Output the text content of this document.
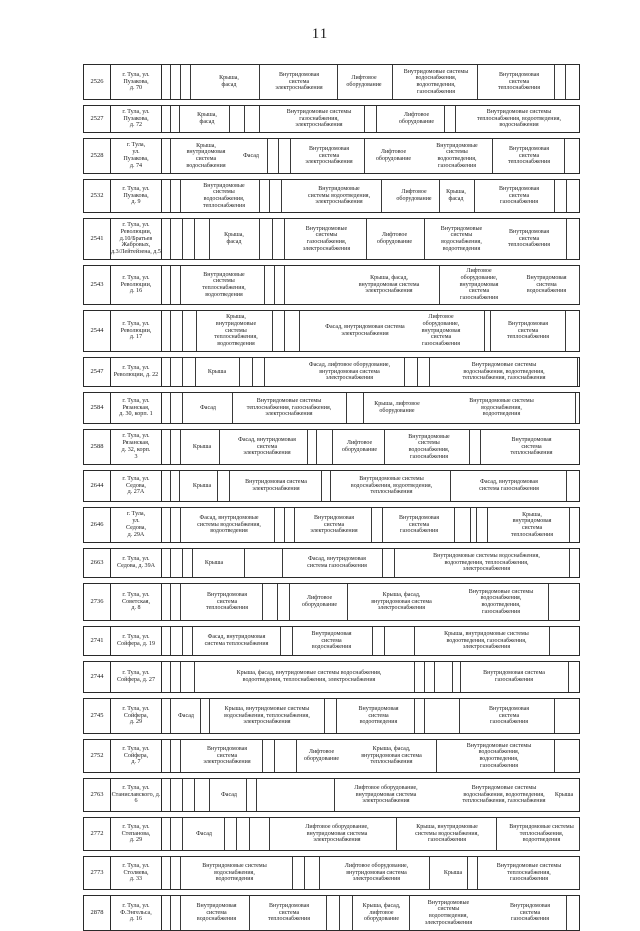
11
2526
г. Тула, ул.
Пузакова,
д. 70
Крыша,
фасад
Внутридомовая
система
электроснабжения
Лифтовое
оборудование
Внутридомовые системы
водоснабжения,
водоотведения,
газоснабжения
Внутридомовая
система
теплоснабжения
2527
г. Тула, ул.
Пузакова,
д. 72
Крыша,
фасад
Внутридомовые системы
газоснабжения,
электроснабжения
Лифтовое
оборудование
Внутридомовые системы
теплоснабжения, водоотведения,
водоснабжения
2528
г. Тула,
ул.
Пузакова,
д. 74
Крыша,
внутридомовая
система
водоснабжения
Фасад
Внутридомовая
система
электроснабжения
Лифтовое
оборудование
Внутридомовые
системы
водоотведения,
газоснабжения
Внутридомовая
система
теплоснабжения
2532
г. Тула, ул.
Пузакова,
д. 9
Внутридомовые
системы
водоснабжения,
теплоснабжения
Внутридомовые
системы водоотведения,
электроснабжения
Лифтовое
оборудование
Крыша,
фасад
Внутридомовая
система
газоснабжения
2541
г. Тула, ул.
Революции,
д.10/Братьев
Жабровых,
д.3/Лейтейзена, д.5
Крыша,
фасад
Внутридомовые
системы
газоснабжения,
электроснабжения
Лифтовое
оборудование
Внутридомовые
системы
водоснабжения,
водоотведения
Внутридомовая
система
теплоснабжения
2543
г. Тула, ул.
Революции,
д. 16
Внутридомовые
системы
теплоснабжения,
водоотведения
Крыша, фасад,
внутридомовая система
электроснабжения
Лифтовое
оборудование,
внутридомовая
система
газоснабжения
Внутридомовая
система
водоснабжения
2544
г. Тула, ул.
Революции,
д. 17
Крыша,
внутридомовые
системы
теплоснабжения,
водоотведения
Фасад, внутридомовая система
электроснабжения
Лифтовое
оборудование,
внутридомовая
система
газоснабжения
Внутридомовая
система
теплоснабжения
2547
г. Тула, ул.
Революции, д. 22
Крыша
Фасад, лифтовое оборудование,
внутридомовая система
электроснабжения
Внутридомовые системы
водоснабжения, водоотведения,
теплоснабжения, газоснабжения
2584
г. Тула, ул.
Рязанская,
д. 30, корп. 1
Фасад
Внутридомовые системы
теплоснабжения, газоснабжения,
электроснабжения
Крыша, лифтовое
оборудование
Внутридомовые системы
водоснабжения,
водоотведения
2588
г. Тула, ул.
Рязанская,
д. 32, корп.
3
Крыша
Фасад, внутридомовая
система
электроснабжения
Лифтовое
оборудование
Внутридомовые
системы
водоснабжения,
газоснабжения
Внутридомовая
система
теплоснабжения
2644
г. Тула, ул.
Седова,
д. 27А
Крыша
Внутридомовая система
электроснабжения
Внутридомовые системы
водоснабжения, водоотведения,
теплоснабжения
Фасад, внутридомовая
система газоснабжения
2646
г. Тула,
ул.
Седова,
д. 29А
Фасад, внутридомовые
системы водоснабжения,
водоотведения
Внутридомовая
система
электроснабжения
Внутридомовая
система
газоснабжения
Крыша,
внутридомовая
система
теплоснабжения
2663
г. Тула, ул.
Седова, д. 39А
Крыша
Фасад, внутридомовая
система газоснабжения
Внутридомовые системы водоснабжения,
водоотведения, теплоснабжения,
электроснабжения
2736
г. Тула, ул.
Советская,
д. 8
Внутридомовая
система
теплоснабжения
Лифтовое
оборудование
Крыша, фасад,
внутридомовая система
электроснабжения
Внутридомовые системы
водоснабжения,
водоотведения,
газоснабжения
2741
г. Тула, ул.
Сойфера, д. 19
Фасад, внутридомовая
система теплоснабжения
Внутридомовая
система
водоснабжения
Крыша, внутридомовые системы
водоотведения, газоснабжения,
электроснабжения
2744
г. Тула, ул.
Сойфера, д. 27
Крыша, фасад, внутридомовые системы водоснабжения,
водоотведения, теплоснабжения, электроснабжения
Внутридомовая система
газоснабжения
2745
г. Тула, ул.
Сойфера,
д. 29
Фасад
Крыша, внутридомовые системы
водоснабжения, теплоснабжения,
электроснабжения
Внутридомовая
система
водоотведения
Внутридомовая
система
газоснабжения
2752
г. Тула, ул.
Сойфера,
д. 7
Внутридомовая
система
электроснабжения
Лифтовое
оборудование
Крыша, фасад,
внутридомовая система
теплоснабжения
Внутридомовые системы
водоснабжения,
водоотведения,
газоснабжения
2763
г. Тула, ул.
Станиславского, д. 6
Фасад
Лифтовое оборудование,
внутридомовая система
электроснабжения
Внутридомовые системы
водоснабжения, водоотведения,
теплоснабжения, газоснабжения
Крыша
2772
г. Тула, ул.
Степанова,
д. 29
Фасад
Лифтовое оборудование,
внутридомовая система
электроснабжения
Крыша, внутридомовые
системы водоснабжения,
газоснабжения
Внутридомовые системы
теплоснабжения,
водоотведения
2773
г. Тула, ул.
Столяева,
д. 33
Внутридомовые системы
водоснабжения,
водоотведения
Лифтовое оборудование,
внутридомовая система
электроснабжения
Крыша
Внутридомовые системы
теплоснабжения,
газоснабжения
2878
г. Тула, ул.
Ф.Энгельса,
д. 16
Внутридомовая
система
водоснабжения
Внутридомовая
система
теплоснабжения
Крыша, фасад,
лифтовое
оборудование
Внутридомовые
системы
водоотведения,
электроснабжения
Внутридомовая
система
газоснабжения
